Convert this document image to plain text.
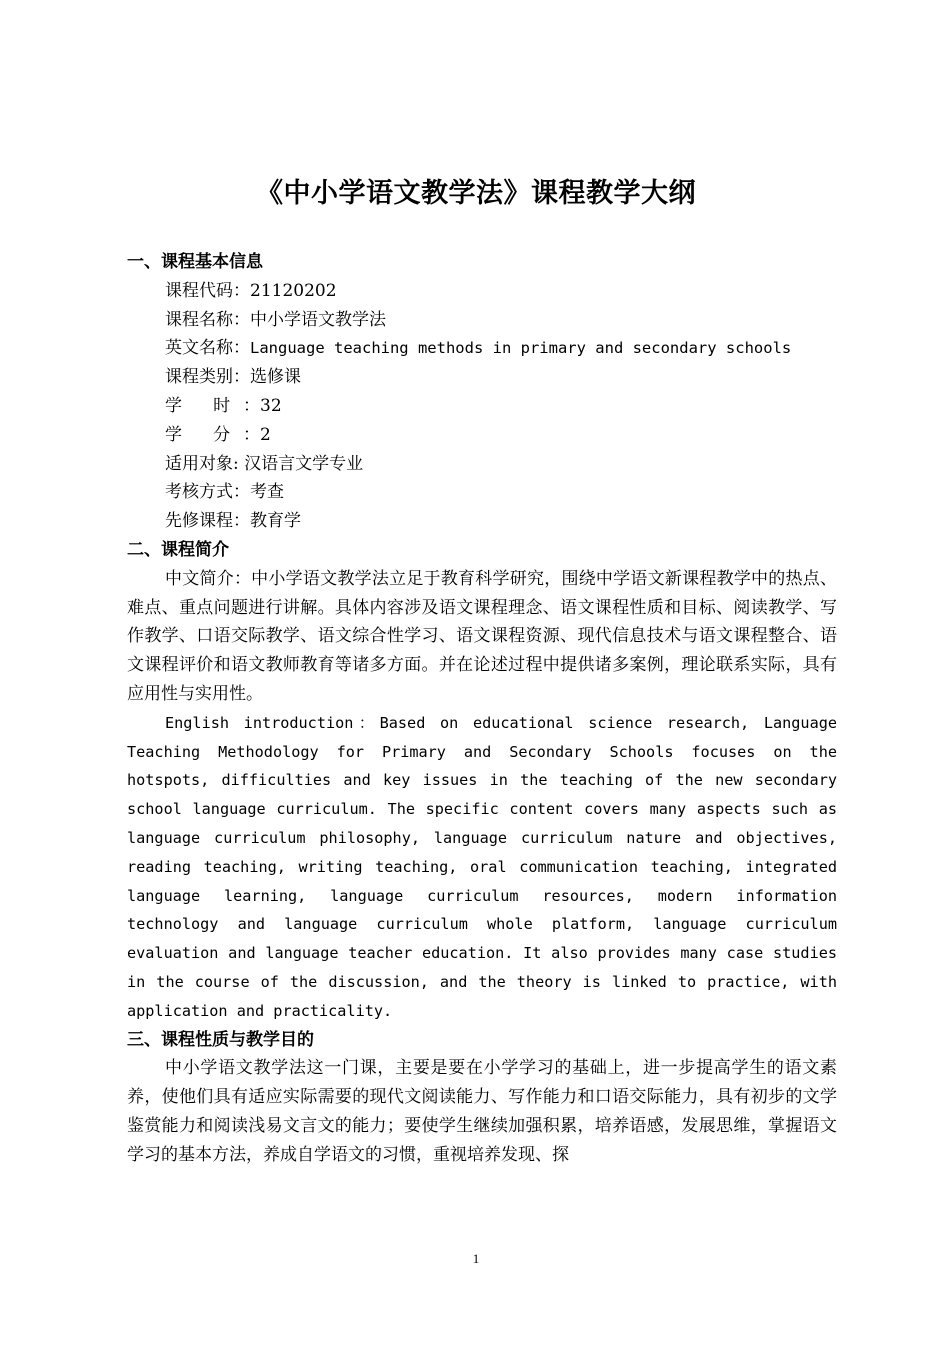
《中小学语文教学法》课程教学大纲
一、课程基本信息
课程代码：21120202
课程名称：中小学语文教学法
英文名称：Language teaching methods in primary and secondary schools
课程类别：选修课
学 时：32
学 分：2
适用对象: 汉语言文学专业
考核方式：考查
先修课程：教育学
二、课程简介

中文简介：中小学语文教学法立足于教育科学研究，围绕中学语文新课程教学中的热点、难点、重点问题进行讲解。具体内容涉及语文课程理念、语文课程性质和目标、阅读教学、写作教学、口语交际教学、语文综合性学习、语文课程资源、现代信息技术与语文课程整合、语文课程评价和语文教师教育等诸多方面。并在论述过程中提供诸多案例，理论联系实际，具有应用性与实用性。

English introduction：Based on educational science research, Language Teaching Methodology for Primary and Secondary Schools focuses on the hotspots, difficulties and key issues in the teaching of the new secondary school language curriculum. The specific content covers many aspects such as language curriculum philosophy, language curriculum nature and objectives, reading teaching, writing teaching, oral communication teaching, integrated language learning, language curriculum resources, modern information technology and language curriculum whole platform, language curriculum evaluation and language teacher education. It also provides many case studies in the course of the discussion, and the theory is linked to practice, with application and practicality.

三、课程性质与教学目的

中小学语文教学法这一门课，主要是要在小学学习的基础上，进一步提高学生的语文素养，使他们具有适应实际需要的现代文阅读能力、写作能力和口语交际能力，具有初步的文学鉴赏能力和阅读浅易文言文的能力；要使学生继续加强积累，培养语感，发展思维，掌握语文学习的基本方法，养成自学语文的习惯，重视培养发现、探

1
